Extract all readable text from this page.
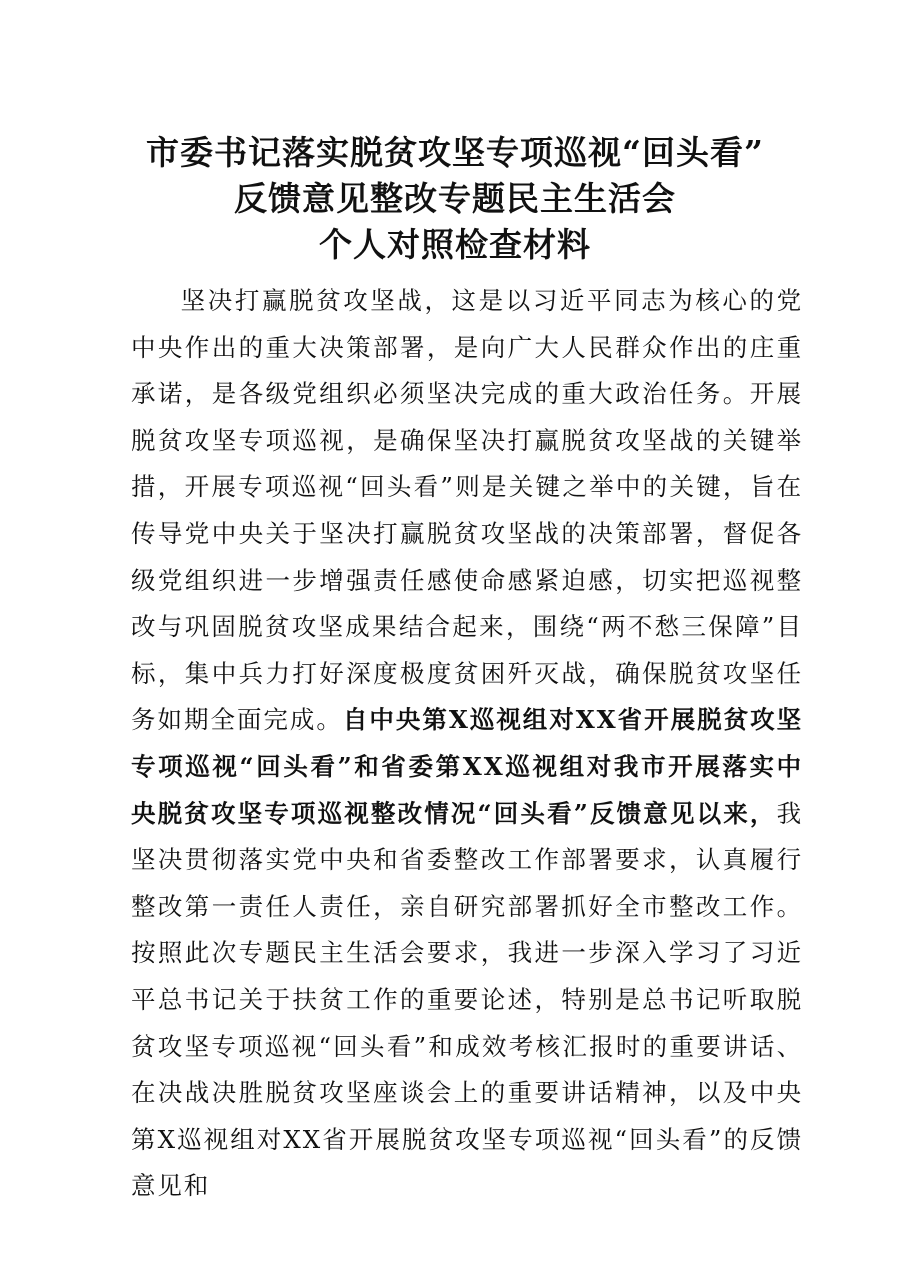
市委书记落实脱贫攻坚专项巡视“回头看”
反馈意见整改专题民主生活会
个人对照检查材料
坚决打赢脱贫攻坚战，这是以习近平同志为核心的党中央作出的重大决策部署，是向广大人民群众作出的庄重承诺，是各级党组织必须坚决完成的重大政治任务。开展脱贫攻坚专项巡视，是确保坚决打赢脱贫攻坚战的关键举措，开展专项巡视“回头看”则是关键之举中的关键，旨在传导党中央关于坚决打赢脱贫攻坚战的决策部署，督促各级党组织进一步增强责任感使命感紧迫感，切实把巡视整改与巩固脱贫攻坚成果结合起来，围绕“两不愁三保障”目标，集中兵力打好深度极度贫困歼灭战，确保脱贫攻坚任务如期全面完成。自中央第X巡视组对XX省开展脱贫攻坚专项巡视“回头看”和省委第XX巡视组对我市开展落实中央脱贫攻坚专项巡视整改情况“回头看”反馈意见以来，我坚决贯彻落实党中央和省委整改工作部署要求，认真履行整改第一责任人责任，亲自研究部署抓好全市整改工作。按照此次专题民主生活会要求，我进一步深入学习了习近平总书记关于扶贫工作的重要论述，特别是总书记听取脱贫攻坚专项巡视“回头看”和成效考核汇报时的重要讲话、在决战决胜脱贫攻坚座谈会上的重要讲话精神，以及中央第X巡视组对XX省开展脱贫攻坚专项巡视“回头看”的反馈意见和
